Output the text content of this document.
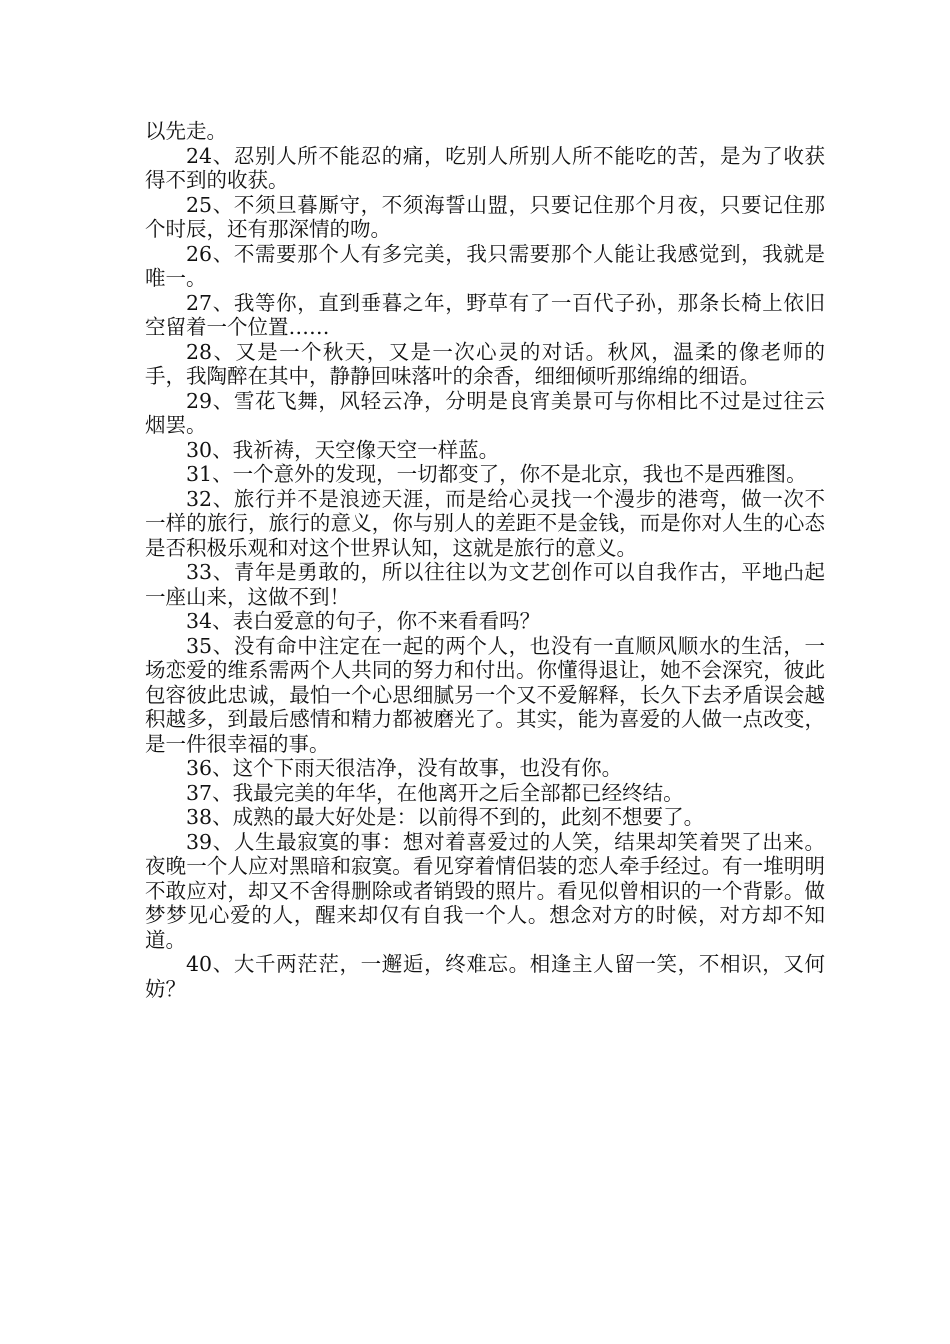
以先走。

24、忍别人所不能忍的痛，吃别人所别人所不能吃的苦，是为了收获得不到的收获。

25、不须旦暮厮守，不须海誓山盟，只要记住那个月夜，只要记住那个时辰，还有那深情的吻。

26、不需要那个人有多完美，我只需要那个人能让我感觉到，我就是唯一。

27、我等你，直到垂暮之年，野草有了一百代子孙，那条长椅上依旧空留着一个位置……

28、又是一个秋天，又是一次心灵的对话。秋风，温柔的像老师的手，我陶醉在其中，静静回味落叶的余香，细细倾听那绵绵的细语。

29、雪花飞舞，风轻云净，分明是良宵美景可与你相比不过是过往云烟罢。

30、我祈祷，天空像天空一样蓝。

31、一个意外的发现，一切都变了，你不是北京，我也不是西雅图。

32、旅行并不是浪迹天涯，而是给心灵找一个漫步的港弯，做一次不一样的旅行，旅行的意义，你与别人的差距不是金钱，而是你对人生的心态是否积极乐观和对这个世界认知，这就是旅行的意义。

33、青年是勇敢的，所以往往以为文艺创作可以自我作古，平地凸起一座山来，这做不到！

34、表白爱意的句子，你不来看看吗？

35、没有命中注定在一起的两个人，也没有一直顺风顺水的生活，一场恋爱的维系需两个人共同的努力和付出。你懂得退让，她不会深究，彼此包容彼此忠诚，最怕一个心思细腻另一个又不爱解释，长久下去矛盾误会越积越多，到最后感情和精力都被磨光了。其实，能为喜爱的人做一点改变，是一件很幸福的事。

36、这个下雨天很洁净，没有故事，也没有你。

37、我最完美的年华，在他离开之后全部都已经终结。

38、成熟的最大好处是：以前得不到的，此刻不想要了。

39、人生最寂寞的事：想对着喜爱过的人笑，结果却笑着哭了出来。夜晚一个人应对黑暗和寂寞。看见穿着情侣装的恋人牵手经过。有一堆明明不敢应对，却又不舍得删除或者销毁的照片。看见似曾相识的一个背影。做梦梦见心爱的人，醒来却仅有自我一个人。想念对方的时候，对方却不知道。

40、大千两茫茫，一邂逅，终难忘。相逢主人留一笑，不相识，又何妨？
